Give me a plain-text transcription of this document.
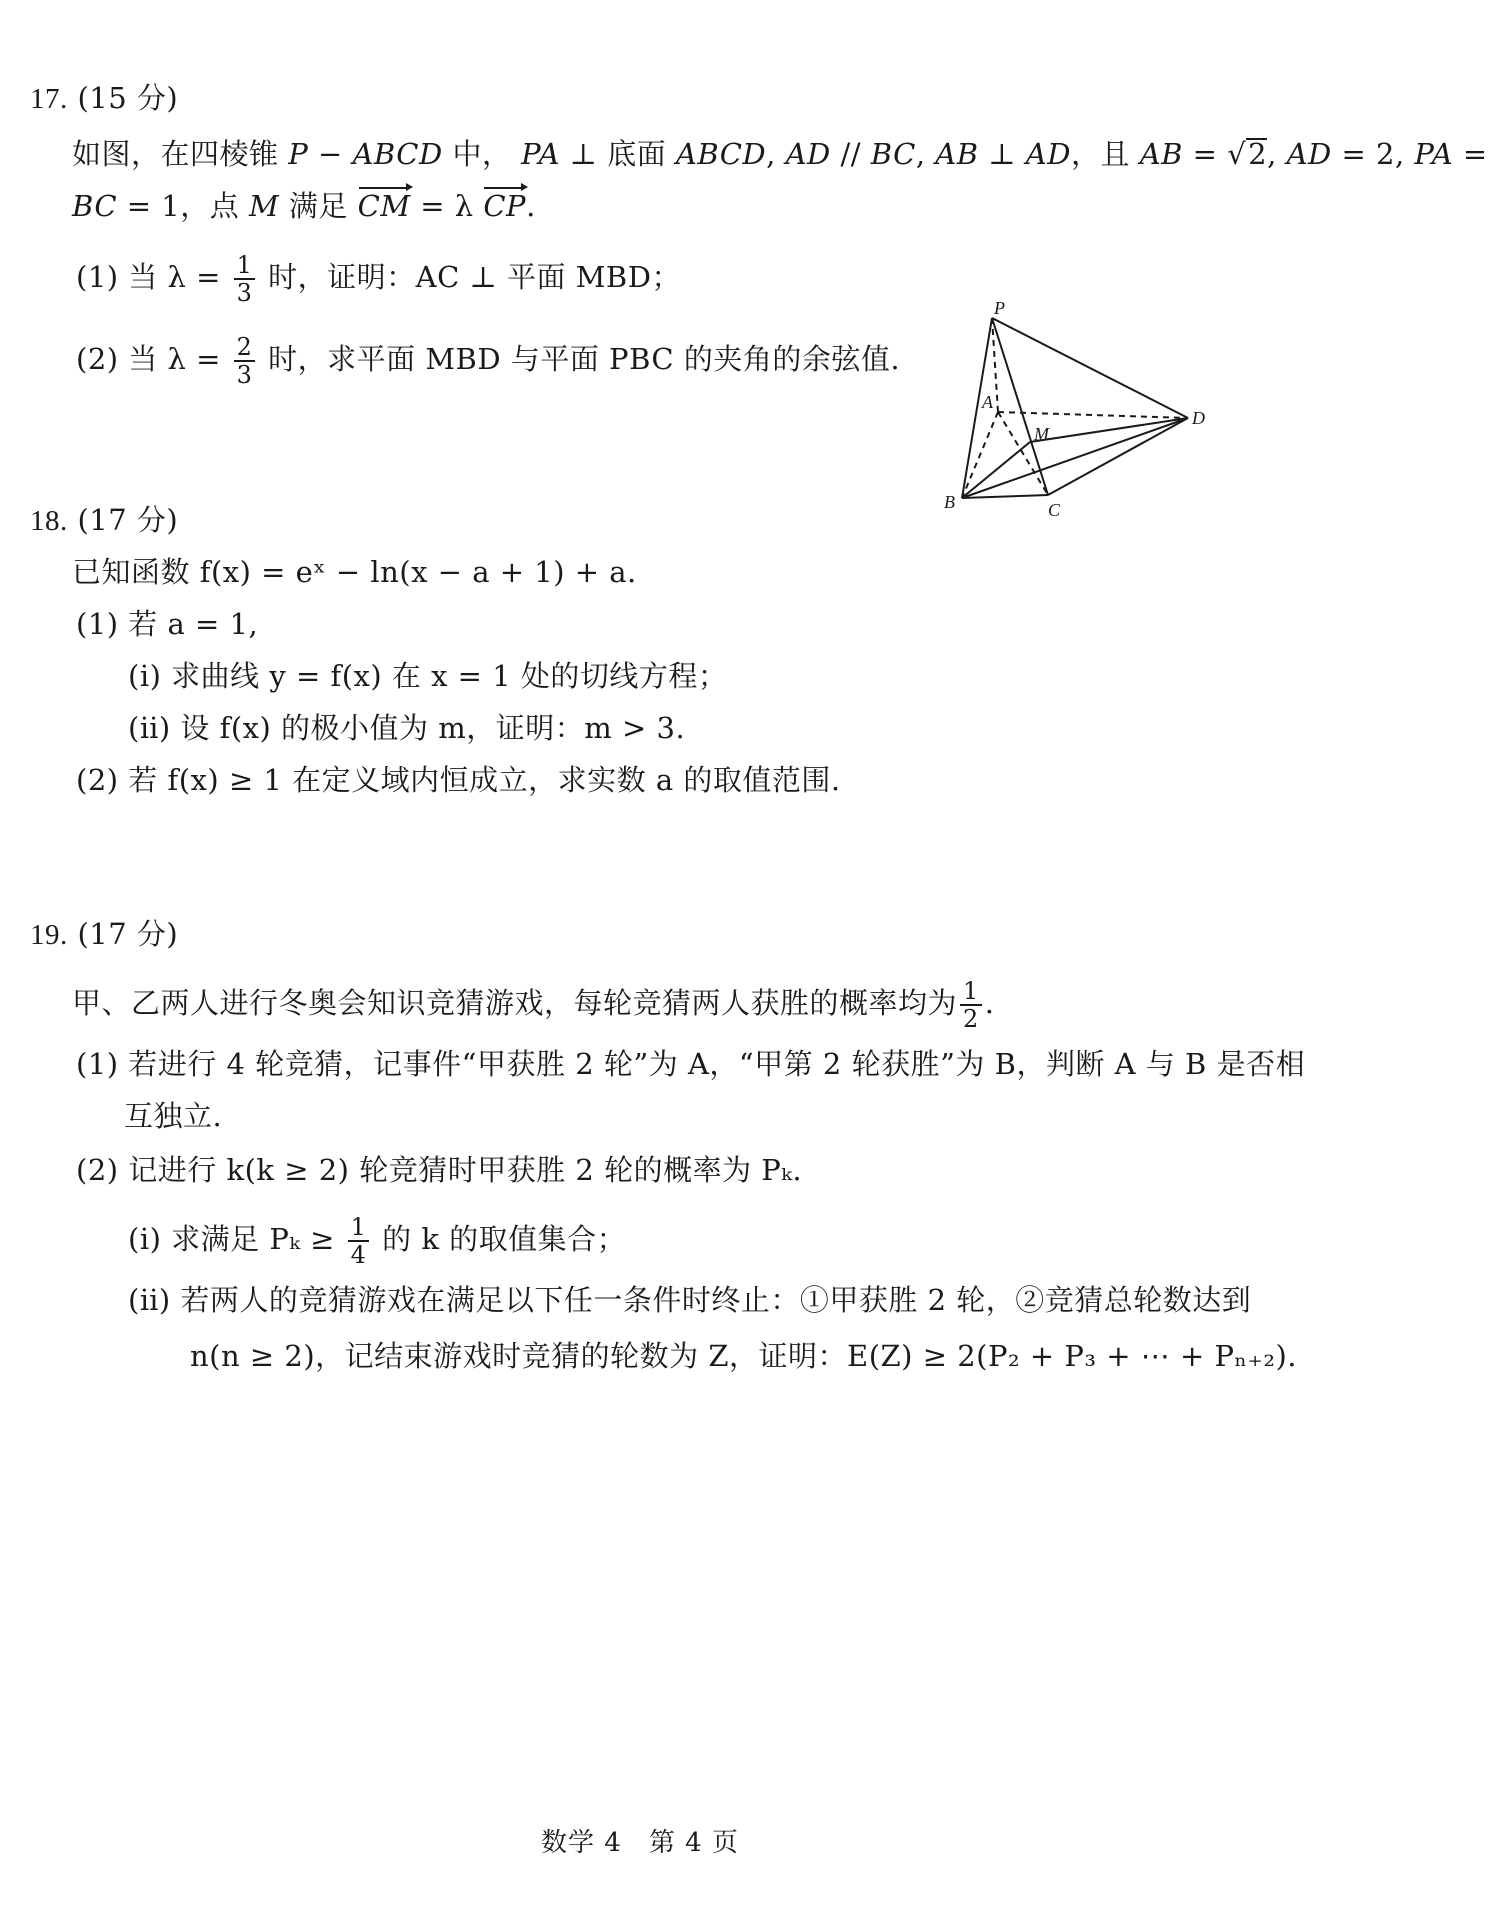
17. (15 分)
如图，在四棱锥 P − ABCD 中， PA ⊥ 底面 ABCD, AD // BC, AB ⊥ AD，且 AB = √2, AD = 2, PA =
BC = 1，点 M 满足 CM = λ CP.
(1) 当 $\lambda = \frac{1}{3}$ 时，证明：AC ⊥ 平面 MBD；
(2) 当 $\lambda = \frac{2}{3}$ 时，求平面 MBD 与平面 PBC 的夹角的余弦值.
P
A
M
D
B	C
18. (17 分)
已知函数 f(x) = eˣ − ln(x − a + 1) + a.
(1) 若 a = 1,
(ⅰ) 求曲线 y = f(x) 在 x = 1 处的切线方程；
(ⅱ) 设 f(x) 的极小值为 m，证明：m > 3.
(2) 若 f(x) ≥ 1 在定义域内恒成立，求实数 a 的取值范围.
19. (17 分)
甲、乙两人进行冬奥会知识竞猜游戏，每轮竞猜两人获胜的概率均为 $\frac{1}{2}$ .
(1) 若进行 4 轮竞猜，记事件“甲获胜 2 轮”为 A，“甲第 2 轮获胜”为 B，判断 A 与 B 是否相
互独立.
(2) 记进行 k(k ≥ 2) 轮竞猜时甲获胜 2 轮的概率为 Pₖ.
(ⅰ) 求满足 $P_k \ge \frac{1}{4}$ 的 k 的取值集合；
(ⅱ) 若两人的竞猜游戏在满足以下任一条件时终止：①甲获胜 2 轮，②竞猜总轮数达到
n(n ≥ 2)，记结束游戏时竞猜的轮数为 Z，证明：E(Z) ≥ 2(P₂ + P₃ + ⋯ + Pₙ₊₂).
数学 4　第 4 页
